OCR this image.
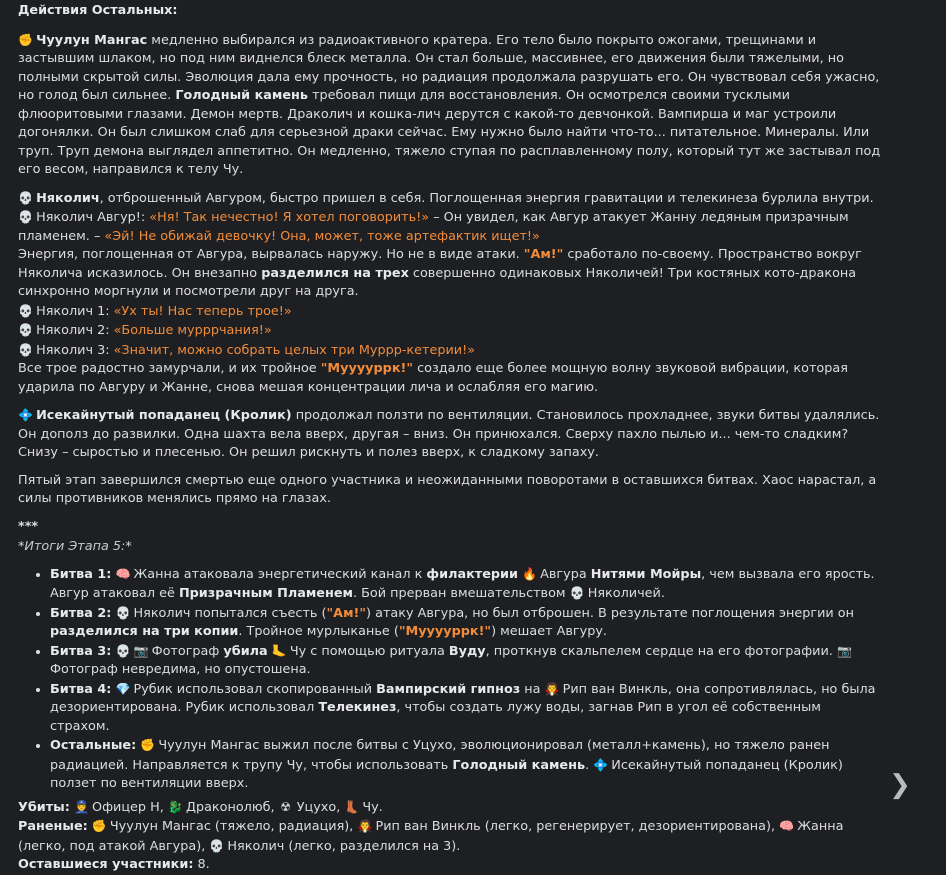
Действия Остальных:

✊ Чуулун Мангас медленно выбирался из радиоактивного кратера. Его тело было покрыто ожогами, трещинами и застывшим шлаком, но под ним виднелся блеск металла. Он стал больше, массивнее, его движения были тяжелыми, но полными скрытой силы. Эволюция дала ему прочность, но радиация продолжала разрушать его. Он чувствовал себя ужасно, но голод был сильнее. Голодный камень требовал пищи для восстановления. Он осмотрелся своими тусклыми флюоритовыми глазами. Демон мертв. Драколич и кошка-лич дерутся с какой-то девчонкой. Вампирша и маг устроили догонялки. Он был слишком слаб для серьезной драки сейчас. Ему нужно было найти что-то... питательное. Минералы. Или труп. Труп демона выглядел аппетитно. Он медленно, тяжело ступая по расплавленному полу, который тут же застывал под его весом, направился к телу Чу.

💀 Няколич, отброшенный Авгуром, быстро пришел в себя. Поглощенная энергия гравитации и телекинеза бурлила внутри.
💀 Няколич Авгур!: «Ня! Так нечестно! Я хотел поговорить!» – Он увидел, как Авгур атакует Жанну ледяным призрачным пламенем. – «Эй! Не обижай девочку! Она, может, тоже артефактик ищет!»
Энергия, поглощенная от Авгура, вырвалась наружу. Но не в виде атаки. "Ам!" сработало по-своему. Пространство вокруг Няколича исказилось. Он внезапно разделился на трех совершенно одинаковых Няколичей! Три костяных кото-дракона синхронно моргнули и посмотрели друг на друга.
💀 Няколич 1: «Ух ты! Нас теперь трое!»
💀 Няколич 2: «Больше мурррчания!»
💀 Няколич 3: «Значит, можно собрать целых три Муррр-кетерии!»
Все трое радостно замурчали, и их тройное "Мууууррк!" создало еще более мощную волну звуковой вибрации, которая ударила по Авгуру и Жанне, снова мешая концентрации лича и ослабляя его магию.

💠 Исекайнутый попаданец (Кролик) продолжал ползти по вентиляции. Становилось прохладнее, звуки битвы удалялись. Он дополз до развилки. Одна шахта вела вверх, другая – вниз. Он принюхался. Сверху пахло пылью и... чем-то сладким? Снизу – сыростью и плесенью. Он решил рискнуть и полез вверх, к сладкому запаху.

Пятый этап завершился смертью еще одного участника и неожиданными поворотами в оставшихся битвах. Хаос нарастал, а силы противников менялись прямо на глазах.

***
*Итоги Этапа 5:*
• Битва 1: 🧠 Жанна атаковала энергетический канал к филактерии 🔥 Авгура Нитями Мойры, чем вызвала его ярость. Авгур атаковал её Призрачным Пламенем. Бой прерван вмешательством 💀 Няколичей.
• Битва 2: 💀 Няколич попытался съесть ("Ам!") атаку Авгура, но был отброшен. В результате поглощения энергии он разделился на три копии. Тройное мурлыканье ("Мууууррк!") мешает Авгуру.
• Битва 3: 💀 📷 Фотограф убила 🦶 Чу с помощью ритуала Вуду, проткнув скальпелем сердце на его фотографии. 📷 Фотограф невредима, но опустошена.
• Битва 4: 💎 Рубик использовал скопированный Вампирский гипноз на 🧛 Рип ван Винкль, она сопротивлялась, но была дезориентирована. Рубик использовал Телекинез, чтобы создать лужу воды, загнав Рип в угол её собственным страхом.
• Остальные: ✊ Чуулун Мангас выжил после битвы с Уцухо, эволюционировал (металл+камень), но тяжело ранен радиацией. Направляется к трупу Чу, чтобы использовать Голодный камень. 💠 Исекайнутый попаданец (Кролик) ползет по вентиляции вверх.
Убиты: 👮 Офицер Н, 🐉 Драконолюб, ☢ Уцухо, 👢 Чу.
Раненые: ✊ Чуулун Мангас (тяжело, радиация), 🧛 Рип ван Винкль (легко, регенерирует, дезориентирована), 🧠 Жанна (легко, под атакой Авгура), 💀 Няколич (легко, разделился на 3).
Оставшиеся участники: 8.
❯
